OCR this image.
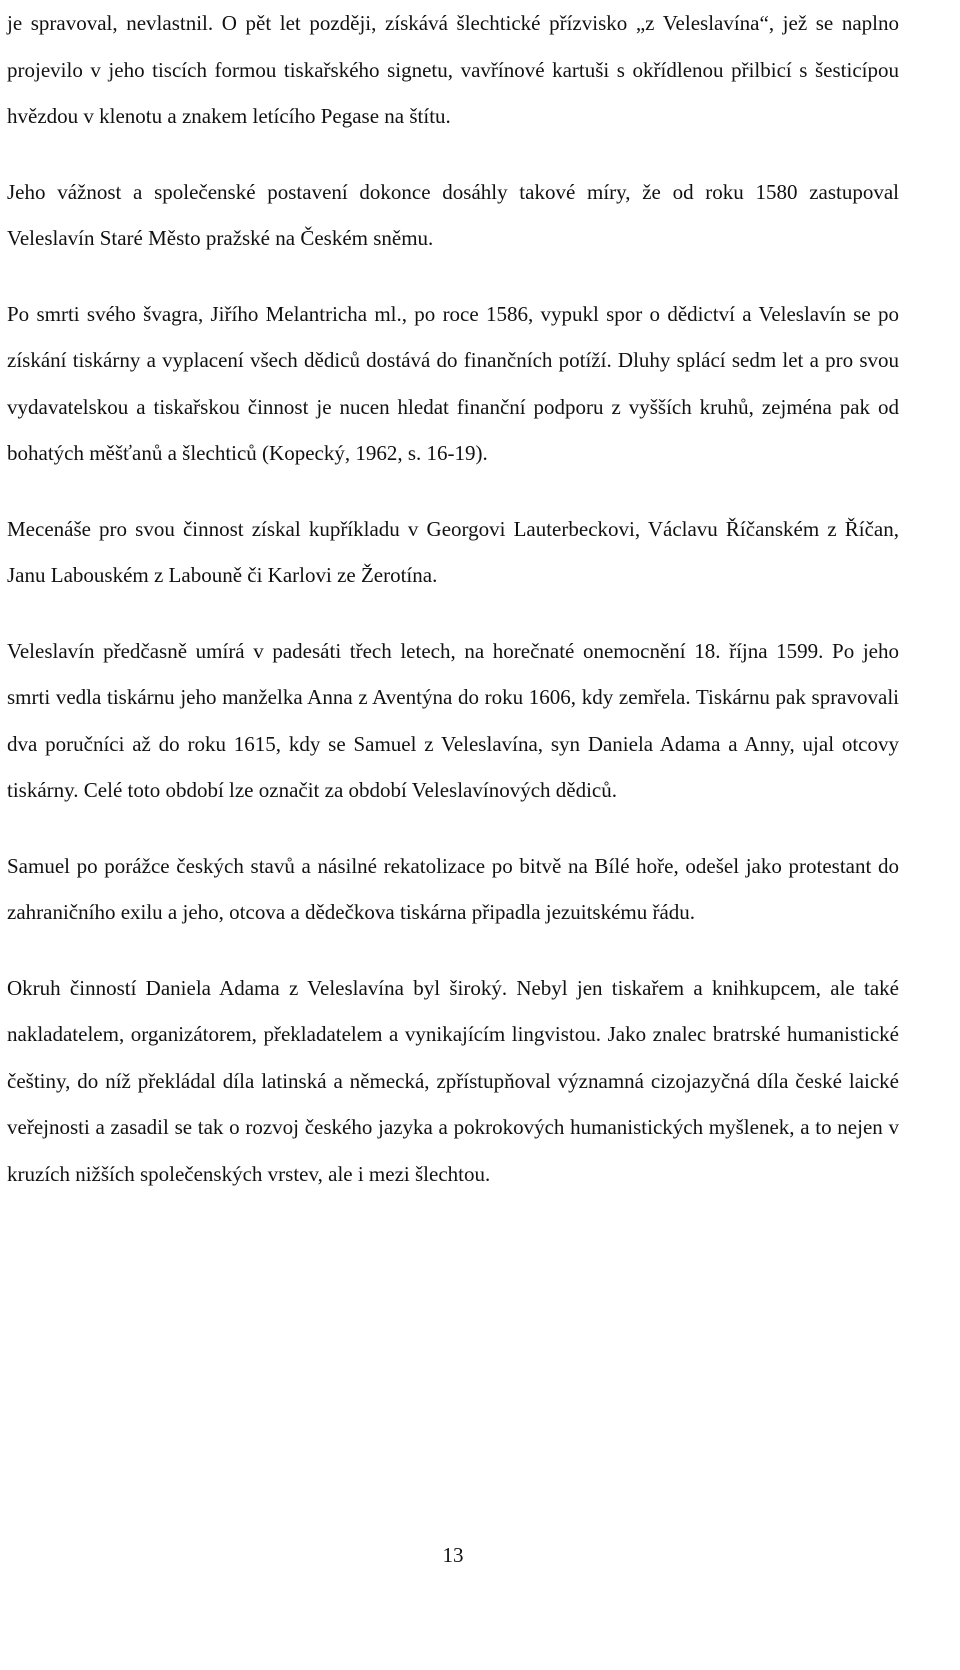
je spravoval, nevlastnil. O pět let později, získává šlechtické přízvisko „z Veleslavína“, jež se naplno projevilo v jeho tiscích formou tiskařského signetu, vavřínové kartuši s okřídlenou přilbicí s šesticípou hvězdou v klenotu a znakem letícího Pegase na štítu.

Jeho vážnost a společenské postavení dokonce dosáhly takové míry, že od roku 1580 zastupoval Veleslavín Staré Město pražské na Českém sněmu.

Po smrti svého švagra, Jiřího Melantricha ml., po roce 1586, vypukl spor o dědictví a Veleslavín se po získání tiskárny a vyplacení všech dědiců dostává do finančních potíží. Dluhy splácí sedm let a pro svou vydavatelskou a tiskařskou činnost je nucen hledat finanční podporu z vyšších kruhů, zejména pak od bohatých měšťanů a šlechticů (Kopecký, 1962, s. 16-19).

Mecenáše pro svou činnost získal kupříkladu v Georgovi Lauterbeckovi, Václavu Říčanském z Říčan, Janu Labouském z Labouně či Karlovi ze Žerotína.

Veleslavín předčasně umírá v padesáti třech letech, na horečnaté onemocnění 18. října 1599. Po jeho smrti vedla tiskárnu jeho manželka Anna z Aventýna do roku 1606, kdy zemřela. Tiskárnu pak spravovali dva poručníci až do roku 1615, kdy se Samuel z Veleslavína, syn Daniela Adama a Anny, ujal otcovy tiskárny. Celé toto období lze označit za období Veleslavínových dědiců.

Samuel po porážce českých stavů a násilné rekatolizace po bitvě na Bílé hoře, odešel jako protestant do zahraničního exilu a jeho, otcova a dědečkova tiskárna připadla jezuitskému řádu.

Okruh činností Daniela Adama z Veleslavína byl široký. Nebyl jen tiskařem a knihkupcem, ale také nakladatelem, organizátorem, překladatelem a vynikajícím lingvistou. Jako znalec bratrské humanistické češtiny, do níž překládal díla latinská a německá, zpřístupňoval významná cizojazyčná díla české laické veřejnosti a zasadil se tak o rozvoj českého jazyka a pokrokových humanistických myšlenek, a to nejen v kruzích nižších společenských vrstev, ale i mezi šlechtou.

13
